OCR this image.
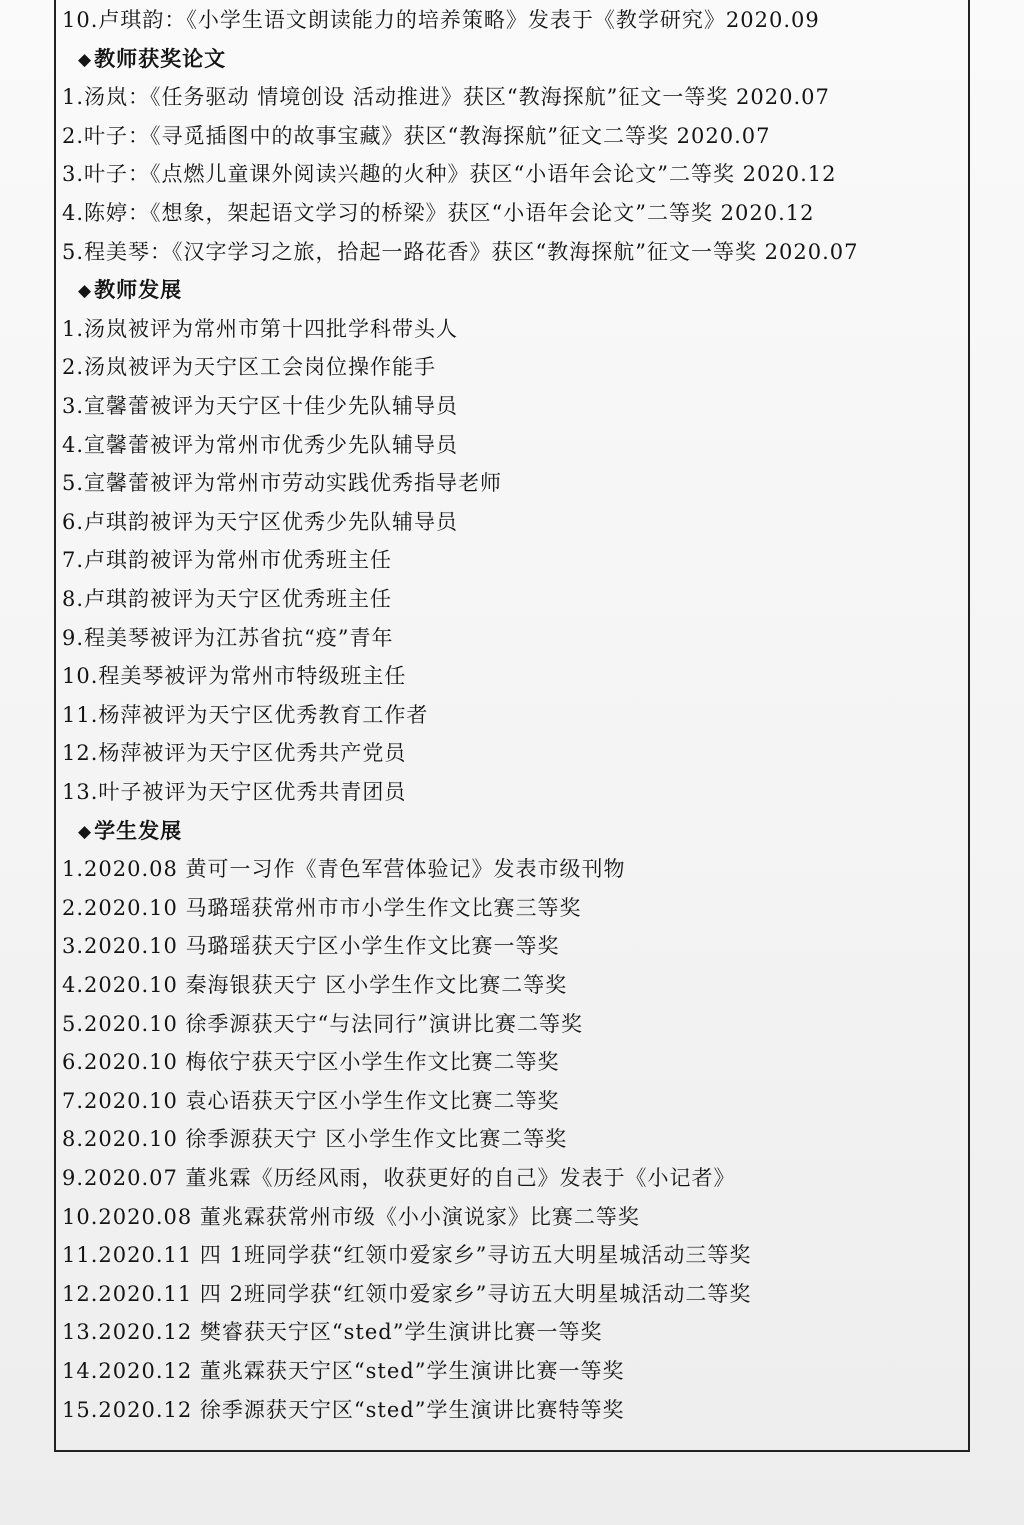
10.卢琪韵：《小学生语文朗读能力的培养策略》发表于《教学研究》2020.09
◆教师获奖论文
1.汤岚：《任务驱动 情境创设 活动推进》获区“教海探航”征文一等奖 2020.07
2.叶子：《寻觅插图中的故事宝藏》获区“教海探航”征文二等奖 2020.07
3.叶子：《点燃儿童课外阅读兴趣的火种》获区“小语年会论文”二等奖 2020.12
4.陈婷：《想象，架起语文学习的桥梁》获区“小语年会论文”二等奖 2020.12
5.程美琴：《汉字学习之旅，拾起一路花香》获区“教海探航”征文一等奖 2020.07
◆教师发展
1.汤岚被评为常州市第十四批学科带头人
2.汤岚被评为天宁区工会岗位操作能手
3.宣馨蕾被评为天宁区十佳少先队辅导员
4.宣馨蕾被评为常州市优秀少先队辅导员
5.宣馨蕾被评为常州市劳动实践优秀指导老师
6.卢琪韵被评为天宁区优秀少先队辅导员
7.卢琪韵被评为常州市优秀班主任
8.卢琪韵被评为天宁区优秀班主任
9.程美琴被评为江苏省抗“疫”青年
10.程美琴被评为常州市特级班主任
11.杨萍被评为天宁区优秀教育工作者
12.杨萍被评为天宁区优秀共产党员
13.叶子被评为天宁区优秀共青团员
◆学生发展
1.2020.08 黄可一习作《青色军营体验记》发表市级刊物
2.2020.10 马璐瑶获常州市市小学生作文比赛三等奖
3.2020.10 马璐瑶获天宁区小学生作文比赛一等奖
4.2020.10 秦海银获天宁 区小学生作文比赛二等奖
5.2020.10 徐季源获天宁“与法同行”演讲比赛二等奖
6.2020.10 梅依宁获天宁区小学生作文比赛二等奖
7.2020.10 袁心语获天宁区小学生作文比赛二等奖
8.2020.10 徐季源获天宁 区小学生作文比赛二等奖
9.2020.07 董兆霖《历经风雨，收获更好的自己》发表于《小记者》
10.2020.08 董兆霖获常州市级《小小演说家》比赛二等奖
11.2020.11 四 1班同学获“红领巾爱家乡”寻访五大明星城活动三等奖
12.2020.11 四 2班同学获“红领巾爱家乡”寻访五大明星城活动二等奖
13.2020.12 樊睿获天宁区“sted”学生演讲比赛一等奖
14.2020.12 董兆霖获天宁区“sted”学生演讲比赛一等奖
15.2020.12 徐季源获天宁区“sted”学生演讲比赛特等奖
